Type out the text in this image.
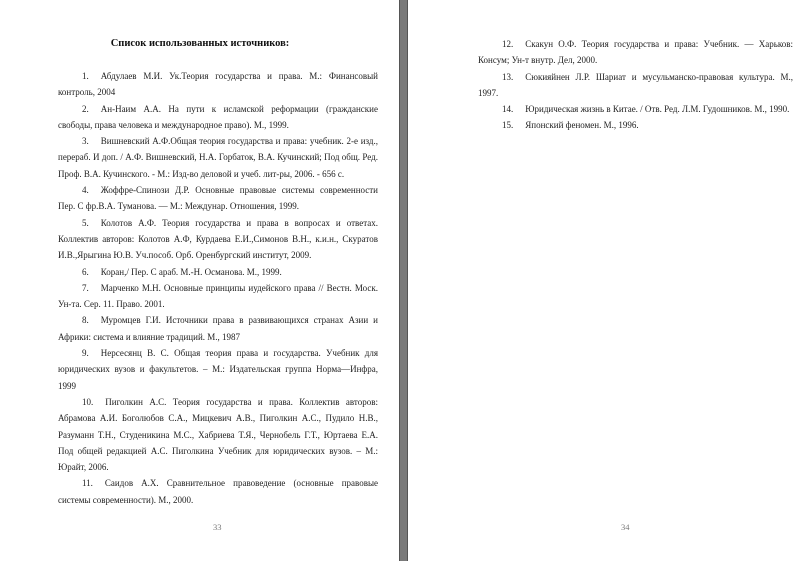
Список использованных источников:

1. Абдулаев М.И. Ук.Теория государства и права. М.: Финансовый контроль, 2004

2. Ан-Наим А.А. На пути к исламской реформации (гражданские свободы, права человека и международное право). М., 1999.

3. Вишневский А.Ф.Общая теория государства и права: учебник. 2-е изд., перераб. И доп. / А.Ф. Вишневский, Н.А. Горбаток, В.А. Кучинский; Под общ. Ред. Проф. В.А. Кучинского. - М.: Изд-во деловой и учеб. лит-ры, 2006. - 656 с.

4. Жоффре-Спинози Д.Р. Основные правовые системы современности Пер. С фр.В.А. Туманова. — М.: Междунар. Отношения, 1999.

5. Колотов А.Ф. Теория государства и права в вопросах и ответах. Коллектив авторов: Колотов А.Ф, Курдаева Е.И.,Симонов В.Н., к.и.н., Скуратов И.В.,Ярыгина Ю.В. Уч.пособ. Орб. Оренбургский институт, 2009.

6. Коран,/ Пер. С араб. М.-Н. Османова. М., 1999.

7. Марченко М.Н. Основные принципы иудейского права // Вестн. Моск. Ун-та. Сер. 11. Право. 2001.

8. Муромцев Г.И. Источники права в развивающихся странах Азии и Африки: система и влияние традиций. М., 1987

9. Нерсесянц В. С. Общая теория права и государства. Учебник для юридических вузов и факультетов. – М.: Издательская группа Норма—Инфра, 1999

10. Пиголкин А.С. Теория государства и права. Коллектив авторов: Абрамова А.И. Боголюбов С.А., Мицкевич А.В., Пиголкин А.С., Пудило Н.В., Разуманн Т.Н., Студеникина М.С., Хабриева Т.Я., Чернобель Г.Т., Юртаева Е.А. Под общей редакцией А.С. Пиголкина Учебник для юридических вузов. – М.: Юрайт, 2006.

11. Саидов А.Х. Сравнительное правоведение (основные правовые системы современности). М., 2000.

33

12. Скакун О.Ф. Теория государства и права: Учебник. — Харьков: Консум; Ун-т внутр. Дел, 2000.

13. Сюкияйнен Л.Р. Шариат и мусульманско-правовая культура. М., 1997.

14. Юридическая жизнь в Китае. / Отв. Ред. Л.М. Гудошников. М., 1990.

15. Японский феномен. М., 1996.

34
